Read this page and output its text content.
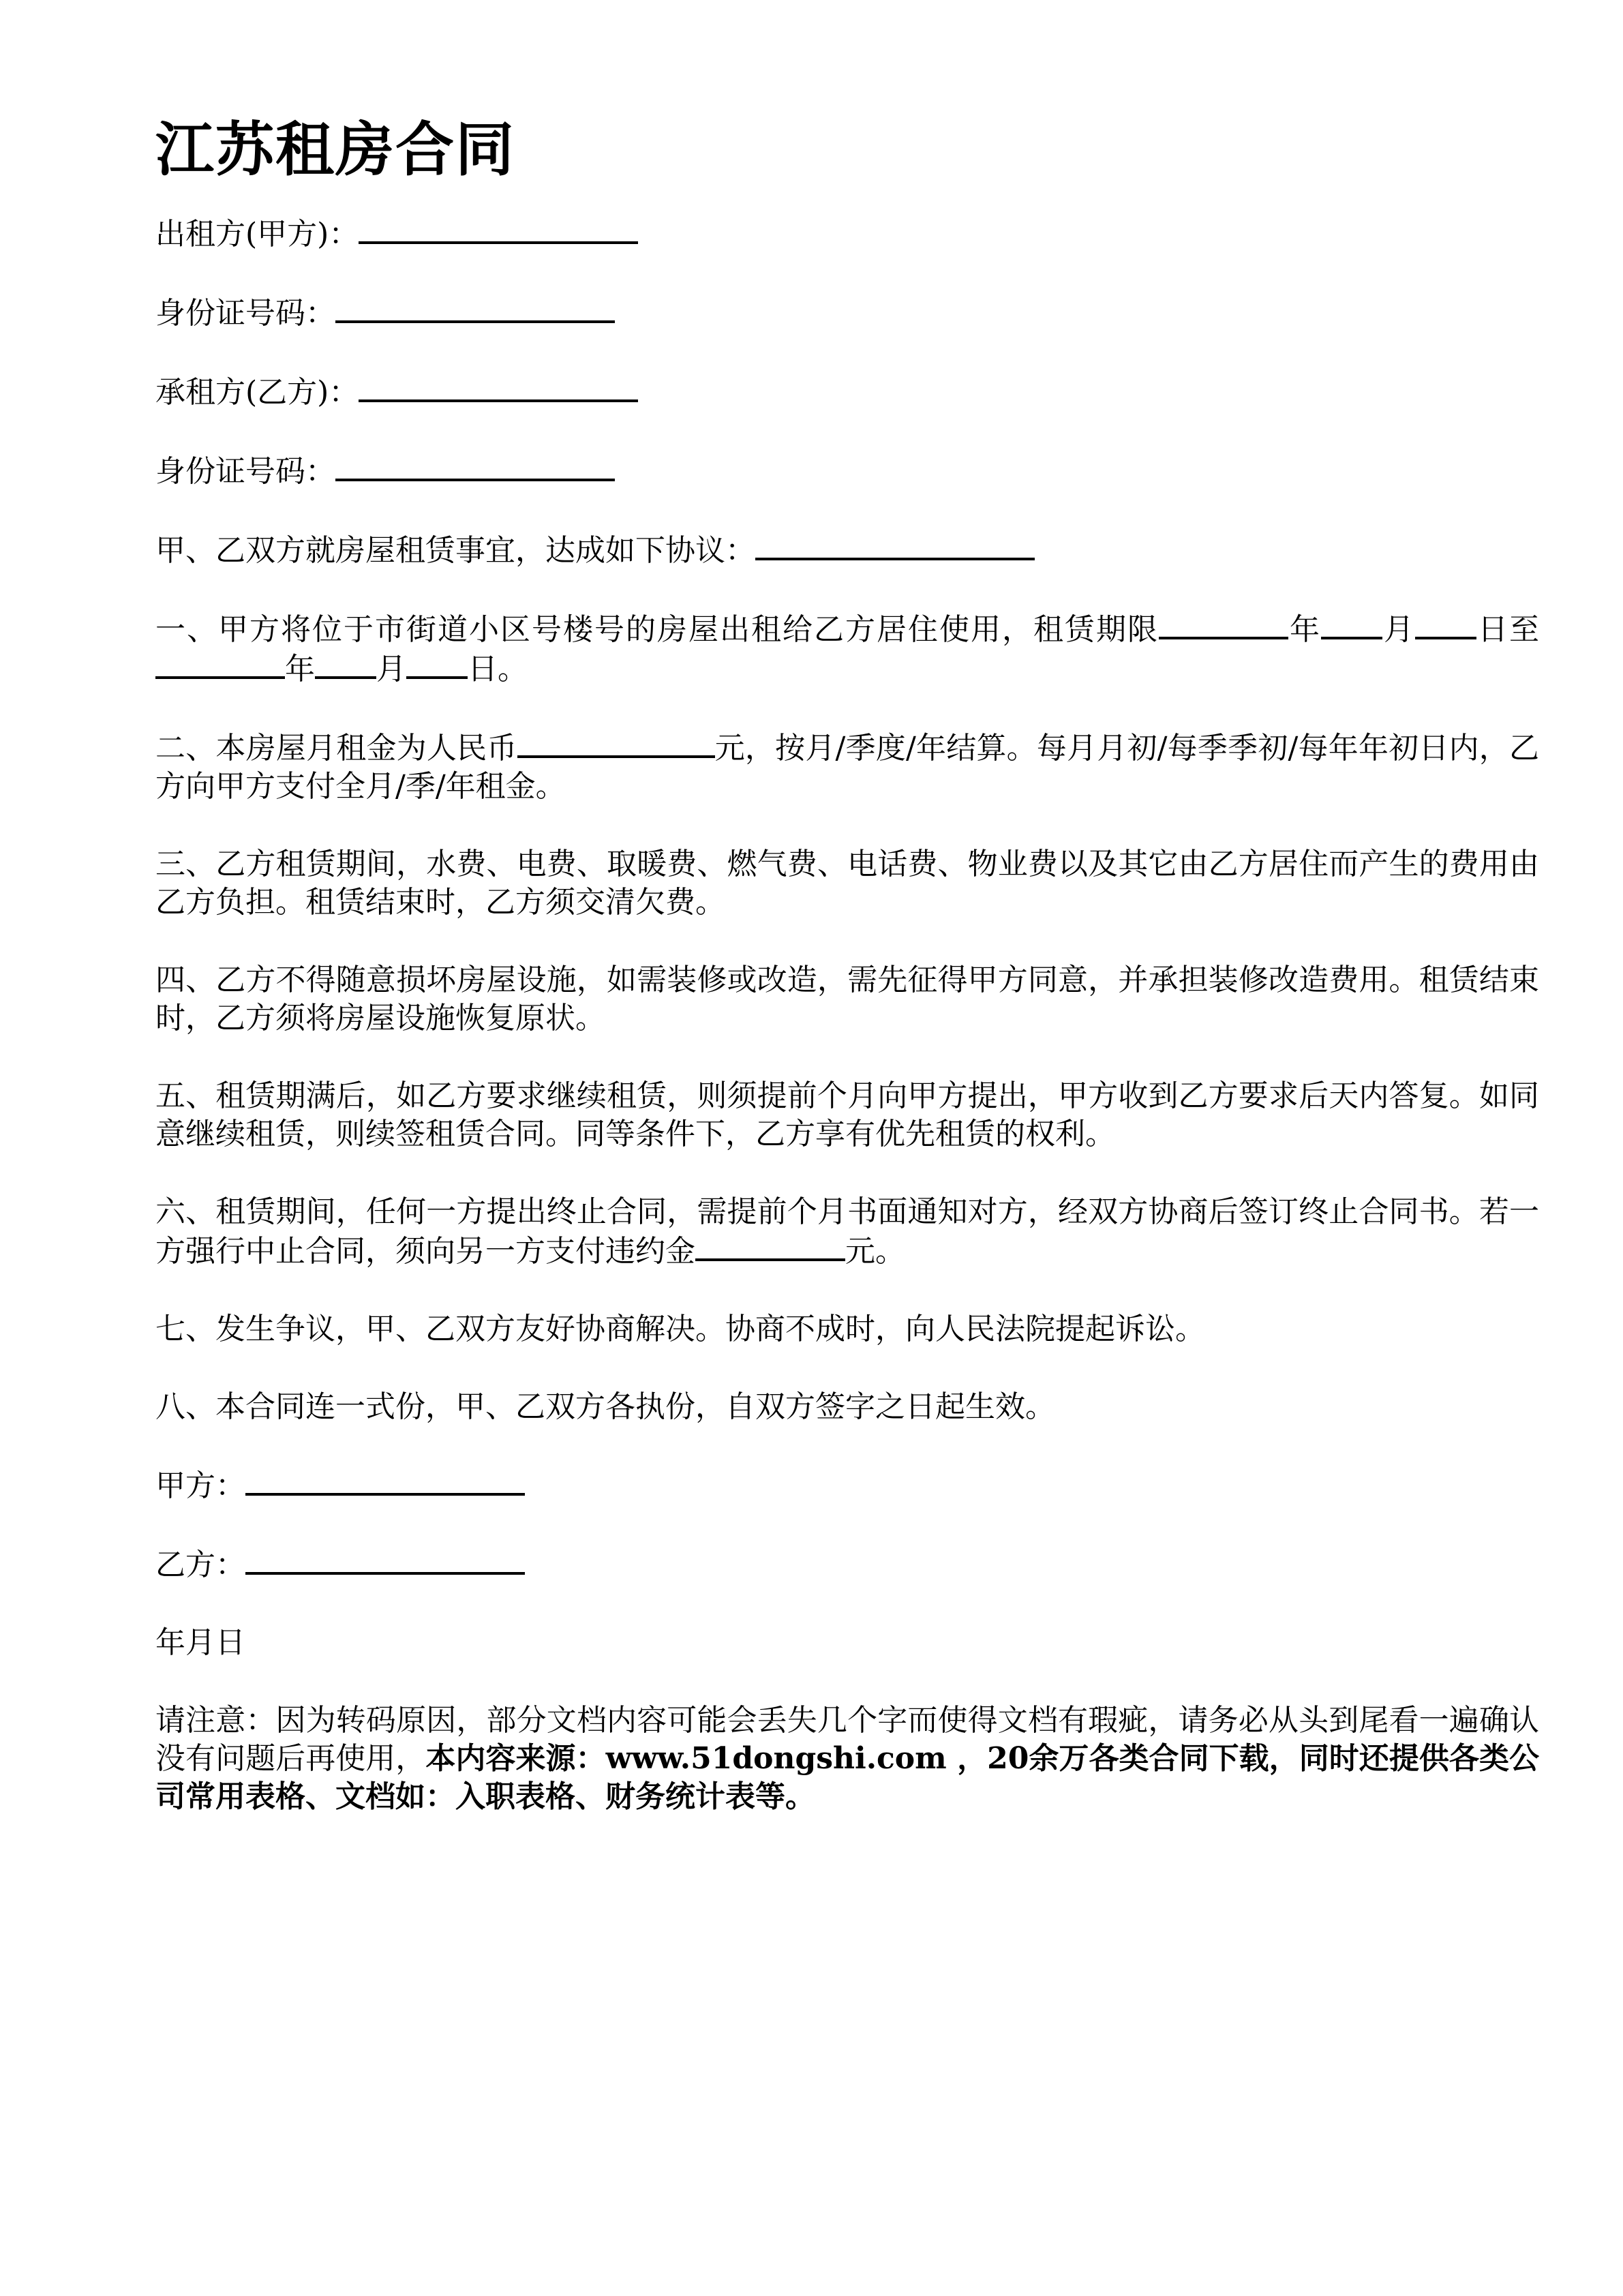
江苏租房合同
出租方(甲方)：
身份证号码：
承租方(乙方)：
身份证号码：
甲、乙双方就房屋租赁事宜，达成如下协议：

一、甲方将位于市街道小区号楼号的房屋出租给乙方居住使用，租赁期限	年 月 日至年 月 日。

二、本房屋月租金为人民币	元，按月/季度/年结算。每月月初/每季季初/每年年初日内，乙方向甲方支付全月/季/年租金。

三、乙方租赁期间，水费、电费、取暖费、燃气费、电话费、物业费以及其它由乙方居住而产生的费用由乙方负担。租赁结束时，乙方须交清欠费。

四、乙方不得随意损坏房屋设施，如需装修或改造，需先征得甲方同意，并承担装修改造费用。租赁结束时，乙方须将房屋设施恢复原状。

五、租赁期满后，如乙方要求继续租赁，则须提前个月向甲方提出，甲方收到乙方要求后天内答复。如同意继续租赁，则续签租赁合同。同等条件下，乙方享有优先租赁的权利。

六、租赁期间，任何一方提出终止合同，需提前个月书面通知对方，经双方协商后签订终止合同书。若一方强行中止合同，须向另一方支付违约金	元。

七、发生争议，甲、乙双方友好协商解决。协商不成时，向人民法院提起诉讼。

八、本合同连一式份，甲、乙双方各执份，自双方签字之日起生效。

甲方：
乙方：
年月日

请注意：因为转码原因，部分文档内容可能会丢失几个字而使得文档有瑕疵，请务必从头到尾看一遍确认没有问题后再使用，本内容来源：www.51dongshi.com ，20余万各类合同下载，同时还提供各类公司常用表格、文档如：入职表格、财务统计表等。
